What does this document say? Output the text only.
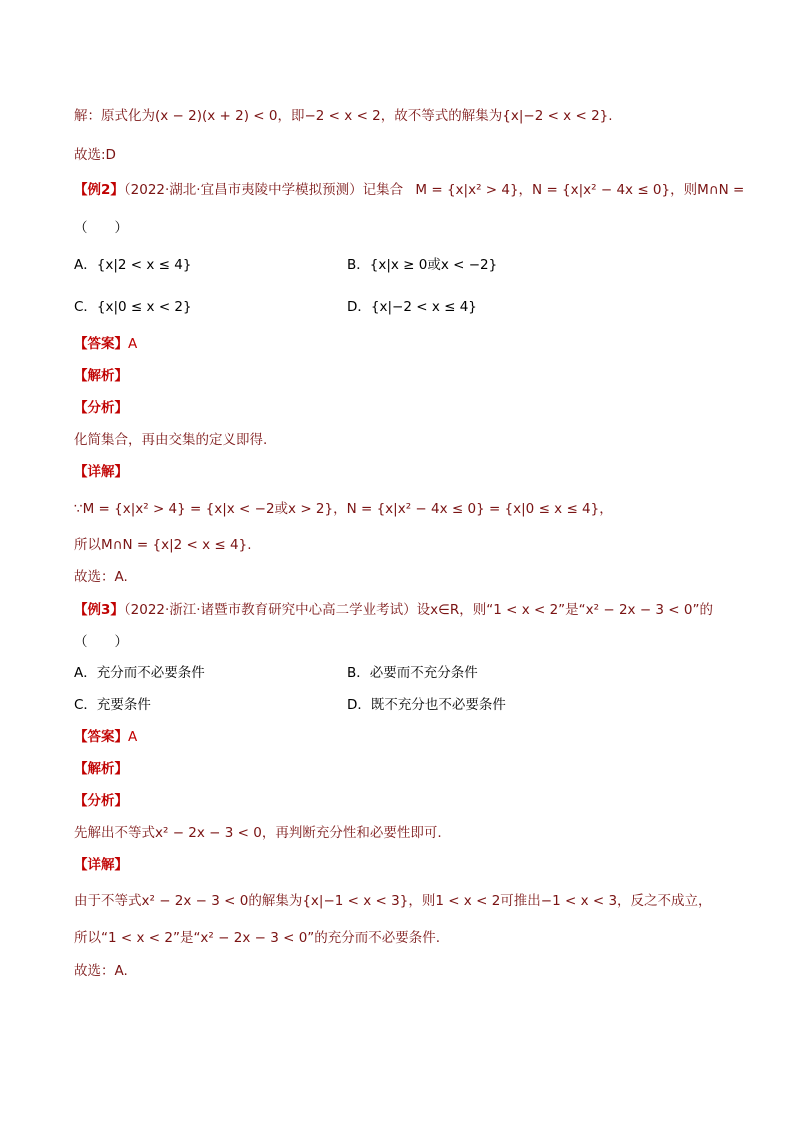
解：原式化为(x − 2)(x + 2) < 0，即−2 < x < 2，故不等式的解集为{x|−2 < x < 2}.
故选:D
【例2】（2022·湖北·宜昌市夷陵中学模拟预测）记集合 M = {x|x² > 4}，N = {x|x² − 4x ≤ 0}，则M∩N =
（　　）
A．{x|2 < x ≤ 4}	B．{x|x ≥ 0或x < −2}
C．{x|0 ≤ x < 2}	D．{x|−2 < x ≤ 4}
【答案】A
【解析】
【分析】
化简集合，再由交集的定义即得.
【详解】
∵M = {x|x² > 4} = {x|x < −2或x > 2}，N = {x|x² − 4x ≤ 0} = {x|0 ≤ x ≤ 4}，
所以M∩N = {x|2 < x ≤ 4}.
故选：A.
【例3】（2022·浙江·诸暨市教育研究中心高二学业考试）设x∈R，则“1 < x < 2”是“x² − 2x − 3 < 0”的
（　　）
A．充分而不必要条件	B．必要而不充分条件
C．充要条件	D．既不充分也不必要条件
【答案】A
【解析】
【分析】
先解出不等式x² − 2x − 3 < 0，再判断充分性和必要性即可.
【详解】
由于不等式x² − 2x − 3 < 0的解集为{x|−1 < x < 3}，则1 < x < 2可推出−1 < x < 3，反之不成立，
所以“1 < x < 2”是“x² − 2x − 3 < 0”的充分而不必要条件.
故选：A.
